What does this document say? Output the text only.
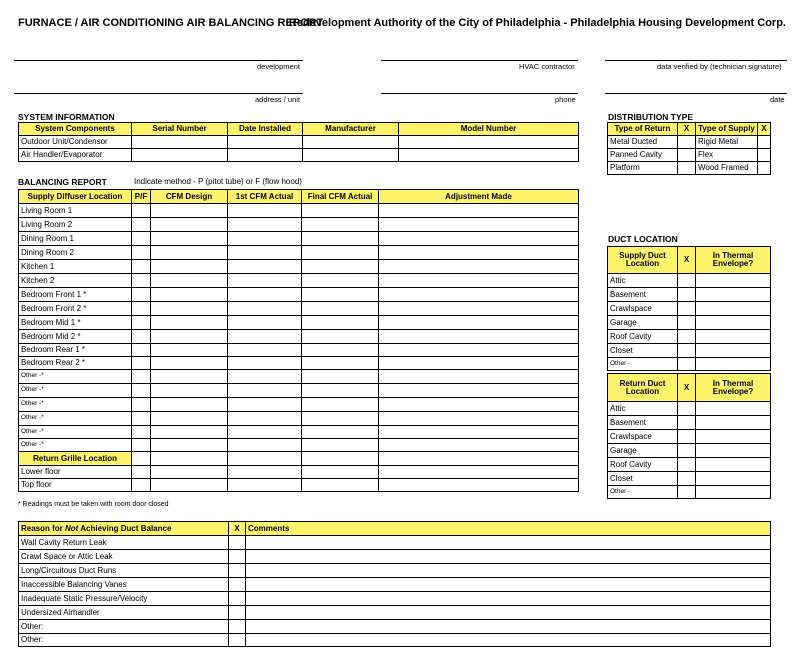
FURNACE / AIR CONDITIONING AIR BALANCING REPORT
Redevelopment Authority of the City of Philadelphia - Philadelphia Housing Development Corp.
development	HVAC contractor	data verified by (technician signature)
address / unit	phone	date
SYSTEM INFORMATION
System Components	Serial Number	Date Installed	Manufacturer	Model Number
Outdoor Unit/Condensor				
Air Handler/Evaporator				
DISTRIBUTION TYPE
Type of Return	X	Type of Supply	X
Metal Ducted		Rigid Metal	
Panned Cavity		Flex	
Platform		Wood Framed	
BALANCING REPORT	Indicate method - P (pitot tube) or F (flow hood)
Supply Diffuser Location	P/F	CFM Design	1st CFM Actual	Final CFM Actual	Adjustment Made
Living Room 1					
Living Room 2					
Dining Room 1					
Dining Room 2					
Kitchen 1					
Kitchen 2					
Bedroom Front 1 *					
Bedroom Front 2 *					
Bedroom Mid 1 *					
Bedroom Mid 2 *					
Bedroom Rear 1 *					
Bedroom Rear 2 *					
Other -*					
Other -*					
Other -*					
Other -*					
Other -*					
Other -*					
Return Grille Location					
Lower floor					
Top floor					
* Readings must be taken with room door closed
DUCT LOCATION
Supply Duct Location	X	In Thermal Envelope?
Attic		
Basement		
Crawlspace		
Garage		
Roof Cavity		
Closet		
Other -		
Return Duct Location	X	In Thermal Envelope?
Attic		
Basement		
Crawlspace		
Garage		
Roof Cavity		
Closet		
Other -		
Reason for Not Achieving Duct Balance	X	Comments
Wall Cavity Return Leak		
Crawl Space or Attic Leak		
Long/Circuitous Duct Runs		
Inaccessible Balancing Vanes		
Inadequate Static Pressure/Velocity		
Undersized Airhandler		
Other:		
Other:		
